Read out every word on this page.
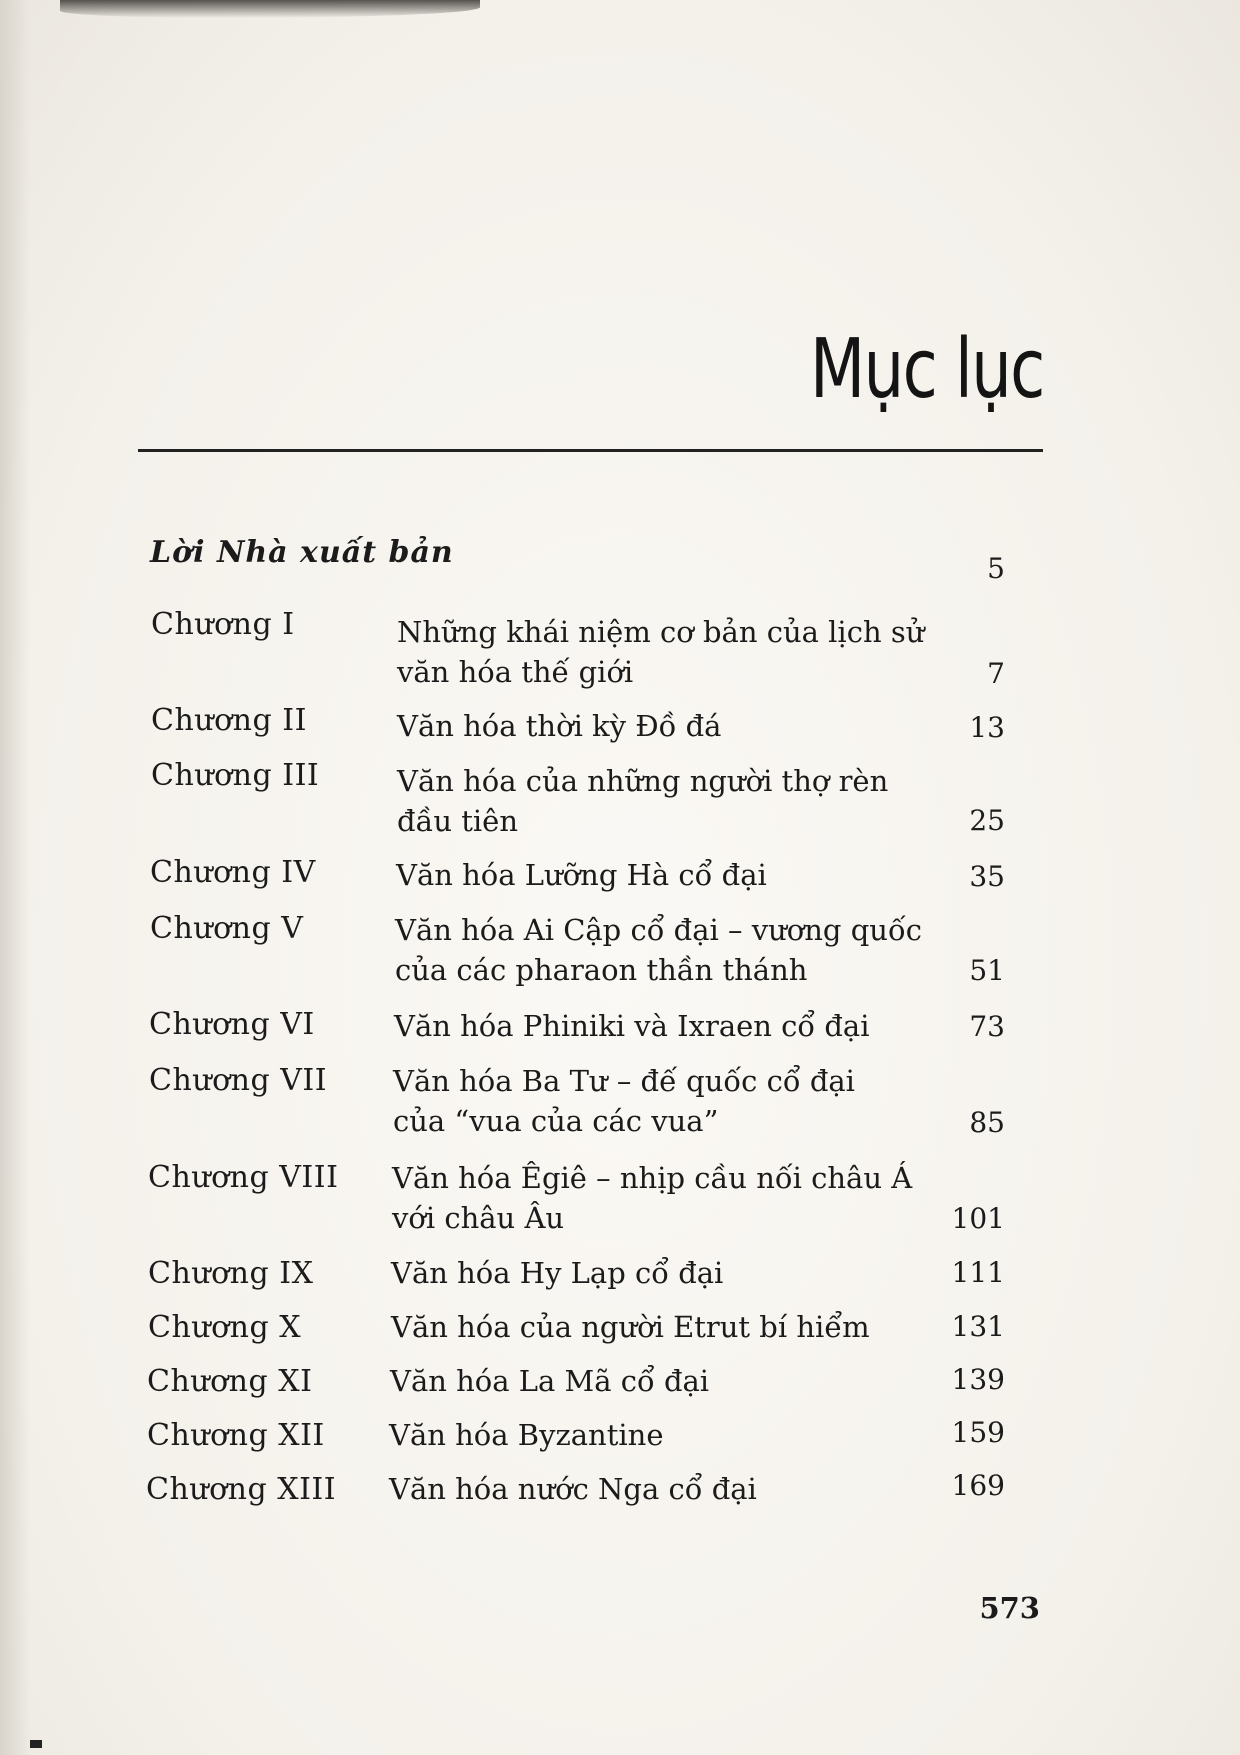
Mục lục
Lời Nhà xuất bản	5
Chương I	Những khái niệm cơ bản của lịch sử
văn hóa thế giới	7
Chương II	Văn hóa thời kỳ Đồ đá	13
Chương III	Văn hóa của những người thợ rèn
đầu tiên	25
Chương IV	Văn hóa Lưỡng Hà cổ đại	35
Chương V	Văn hóa Ai Cập cổ đại – vương quốc
của các pharaon thần thánh	51
Chương VI	Văn hóa Phiniki và Ixraen cổ đại	73
Chương VII Văn hóa Ba Tư – đế quốc cổ đại
của “vua của các vua”	85
Chương VIII Văn hóa Êgiê – nhịp cầu nối châu Á
với châu Âu	101
Chương IX	Văn hóa Hy Lạp cổ đại	111
Chương X	Văn hóa của người Etrut bí hiểm	131
Chương XI	Văn hóa La Mã cổ đại	139
Chương XII Văn hóa Byzantine	159
Chương XIII Văn hóa nước Nga cổ đại	169
573
